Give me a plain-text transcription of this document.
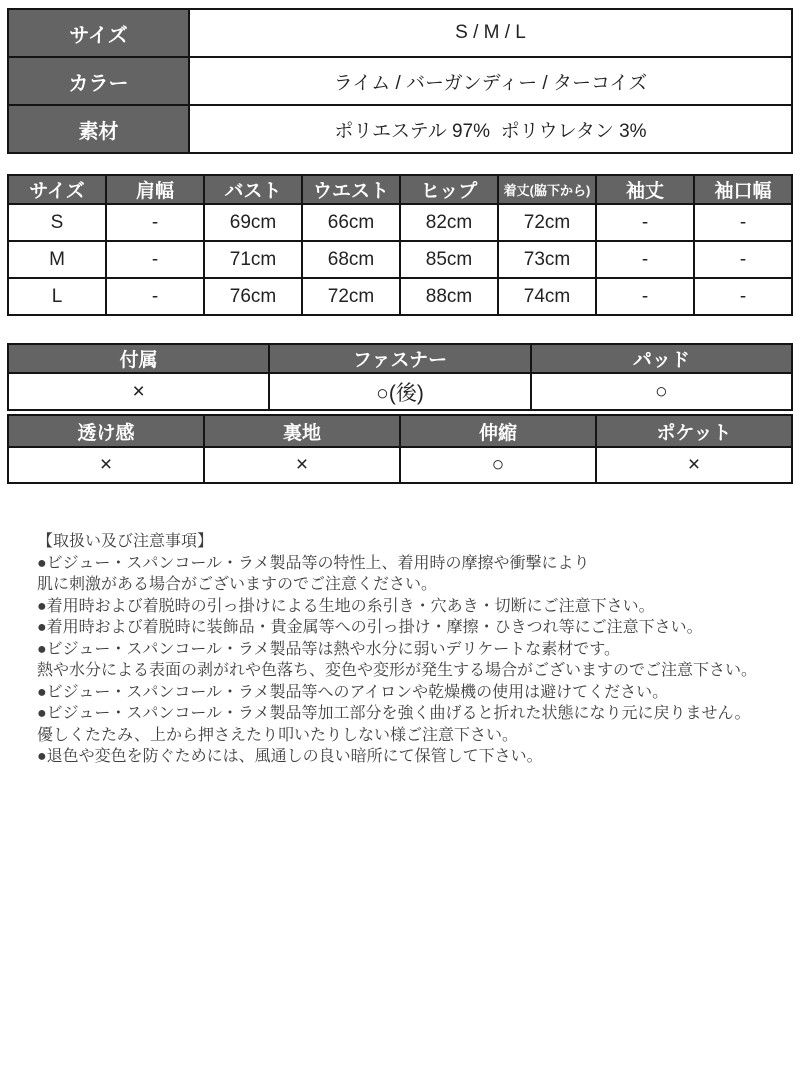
サイズ	S / M / L
カラー	ライム / バーガンディー / ターコイズ
素材	ポリエステル 97%  ポリウレタン 3%
サイズ	肩幅	バスト	ウエスト	ヒップ	着丈(脇下から)	袖丈	袖口幅
S	-	69cm	66cm	82cm	72cm	-	-
M	-	71cm	68cm	85cm	73cm	-	-
L	-	76cm	72cm	88cm	74cm	-	-
付属	ファスナー	パッド
×	○(後)	○
透け感	裏地	伸縮	ポケット
×	×	○	×
【取扱い及び注意事項】
●ビジュー・スパンコール・ラメ製品等の特性上、着用時の摩擦や衝撃により
肌に刺激がある場合がございますのでご注意ください。
●着用時および着脱時の引っ掛けによる生地の糸引き・穴あき・切断にご注意下さい。
●着用時および着脱時に装飾品・貴金属等への引っ掛け・摩擦・ひきつれ等にご注意下さい。
●ビジュー・スパンコール・ラメ製品等は熱や水分に弱いデリケートな素材です。
熱や水分による表面の剥がれや色落ち、変色や変形が発生する場合がございますのでご注意下さい。
●ビジュー・スパンコール・ラメ製品等へのアイロンや乾燥機の使用は避けてください。
●ビジュー・スパンコール・ラメ製品等加工部分を強く曲げると折れた状態になり元に戻りません。
優しくたたみ、上から押さえたり叩いたりしない様ご注意下さい。
●退色や変色を防ぐためには、風通しの良い暗所にて保管して下さい。
